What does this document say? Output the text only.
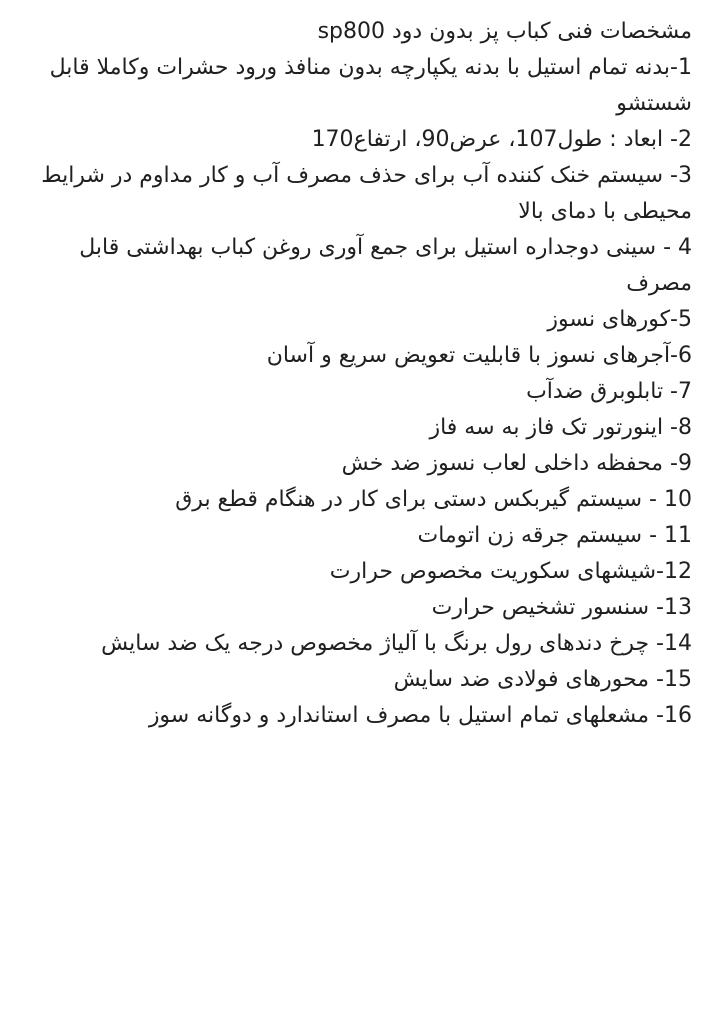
مشخصات فنی کباب پز بدون دود sp800
1-بدنه تمام استیل با بدنه یکپارچه بدون منافذ ورود حشرات وکاملا قابل شستشو
2- ابعاد : طول107، عرض90، ارتفاع170
3- سیستم خنک کننده آب برای حذف مصرف آب و کار مداوم در شرایط محیطی با دمای بالا
4 - سینی دوجداره استیل برای جمع آوری روغن کباب بهداشتی قابل مصرف
5-کورهای نسوز
6-آجرهای نسوز با قابلیت تعویض سریع و آسان
7- تابلوبرق ضدآب
8- اینورتور تک فاز به سه فاز
9- محفظه داخلی لعاب نسوز ضد خش
10 - سیستم گیربکس دستی برای کار در هنگام قطع برق
11 - سیستم جرقه زن اتومات
12-شیشهای سکوریت مخصوص حرارت
13- سنسور تشخیص حرارت
14- چرخ دندهای رول برنگ با آلیاژ مخصوص درجه یک ضد سایش
15- محورهای فولادی ضد سایش
16- مشعلهای تمام استیل با مصرف استاندارد و دوگانه سوز
